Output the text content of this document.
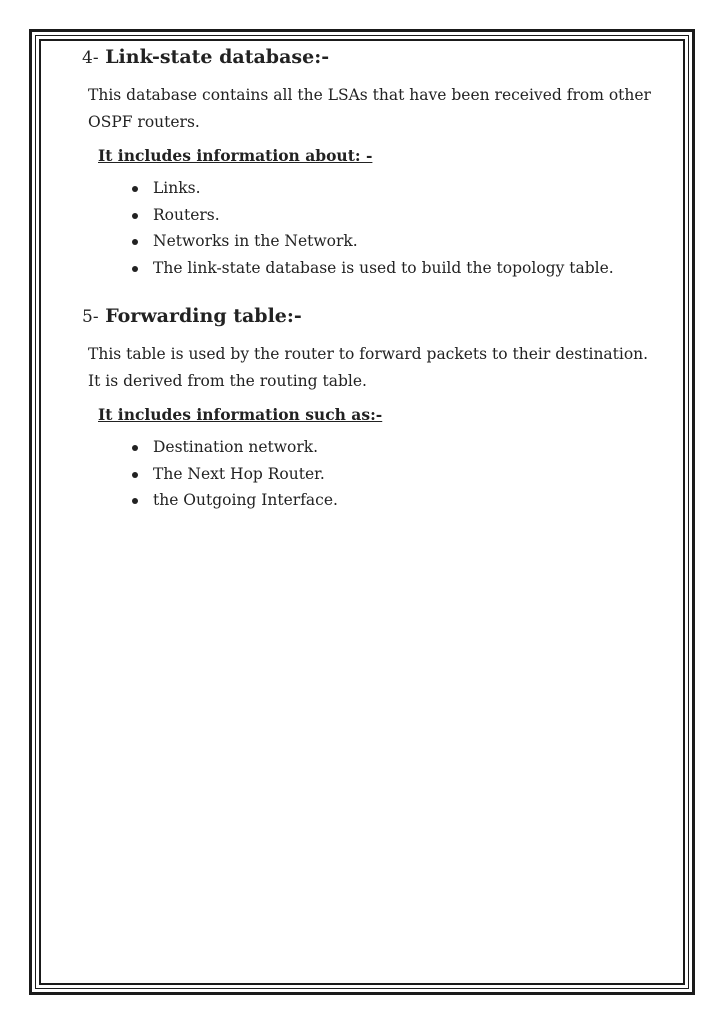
4- Link-state database:-

This database contains all the LSAs that have been received from other
OSPF routers.

It includes information about: -

Links.
Routers.
Networks in the Network.
The link-state database is used to build the topology table.
5- Forwarding table:-

This table is used by the router to forward packets to their destination.
It is derived from the routing table.

It includes information such as:-

Destination network.
The Next Hop Router.
the Outgoing Interface.
